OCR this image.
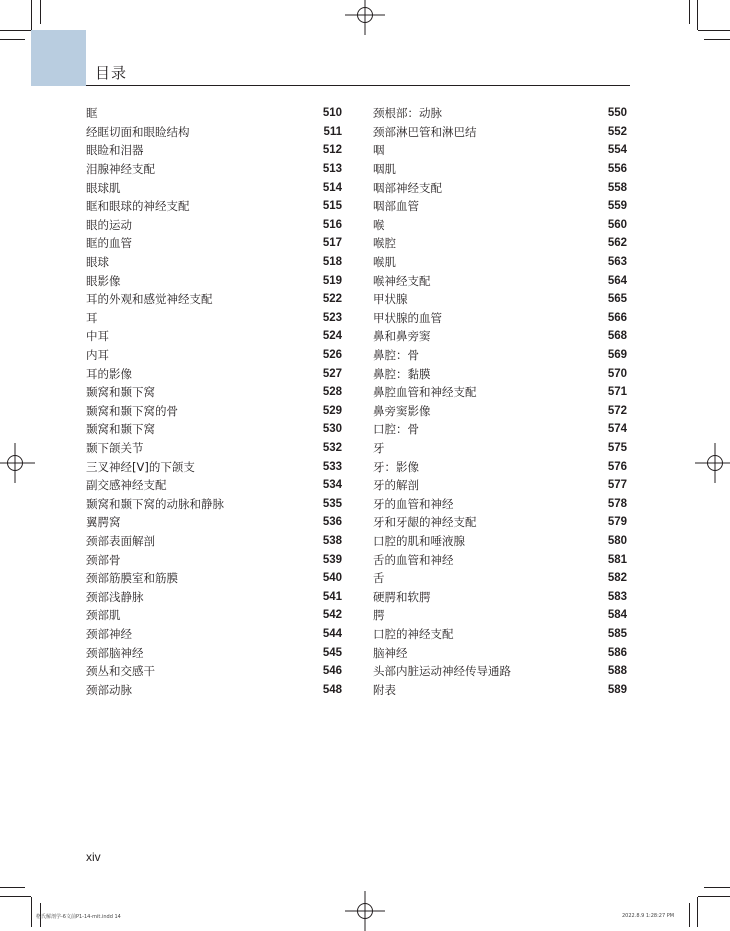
目录
眶	510
经眶切面和眼睑结构	511
眼睑和泪器	512
泪腺神经支配	513
眼球肌	514
眶和眼球的神经支配	515
眼的运动	516
眶的血管	517
眼球	518
眼影像	519
耳的外观和感觉神经支配	522
耳	523
中耳	524
内耳	526
耳的影像	527
颞窝和颞下窝	528
颞窝和颞下窝的骨	529
颞窝和颞下窝	530
颞下颌关节	532
三叉神经[V]的下颌支	533
副交感神经支配	534
颞窝和颞下窝的动脉和静脉	535
翼腭窝	536
颈部表面解剖	538
颈部骨	539
颈部筋膜室和筋膜	540
颈部浅静脉	541
颈部肌	542
颈部神经	544
颈部脑神经	545
颈丛和交感干	546
颈部动脉	548
颈根部：动脉	550
颈部淋巴管和淋巴结	552
咽	554
咽肌	556
咽部神经支配	558
咽部血管	559
喉	560
喉腔	562
喉肌	563
喉神经支配	564
甲状腺	565
甲状腺的血管	566
鼻和鼻旁窦	568
鼻腔：骨	569
鼻腔：黏膜	570
鼻腔血管和神经支配	571
鼻旁窦影像	572
口腔：骨	574
牙	575
牙：影像	576
牙的解剖	577
牙的血管和神经	578
牙和牙龈的神经支配	579
口腔的肌和唾液腺	580
舌的血管和神经	581
舌	582
硬腭和软腭	583
腭	584
口腔的神经支配	585
脑神经	586
头部内脏运动神经传导通路	588
附表	589
xiv
格氏解剖学-6文前P1-14-mit.indd 14	2022.8.9 1:28:27 PM
